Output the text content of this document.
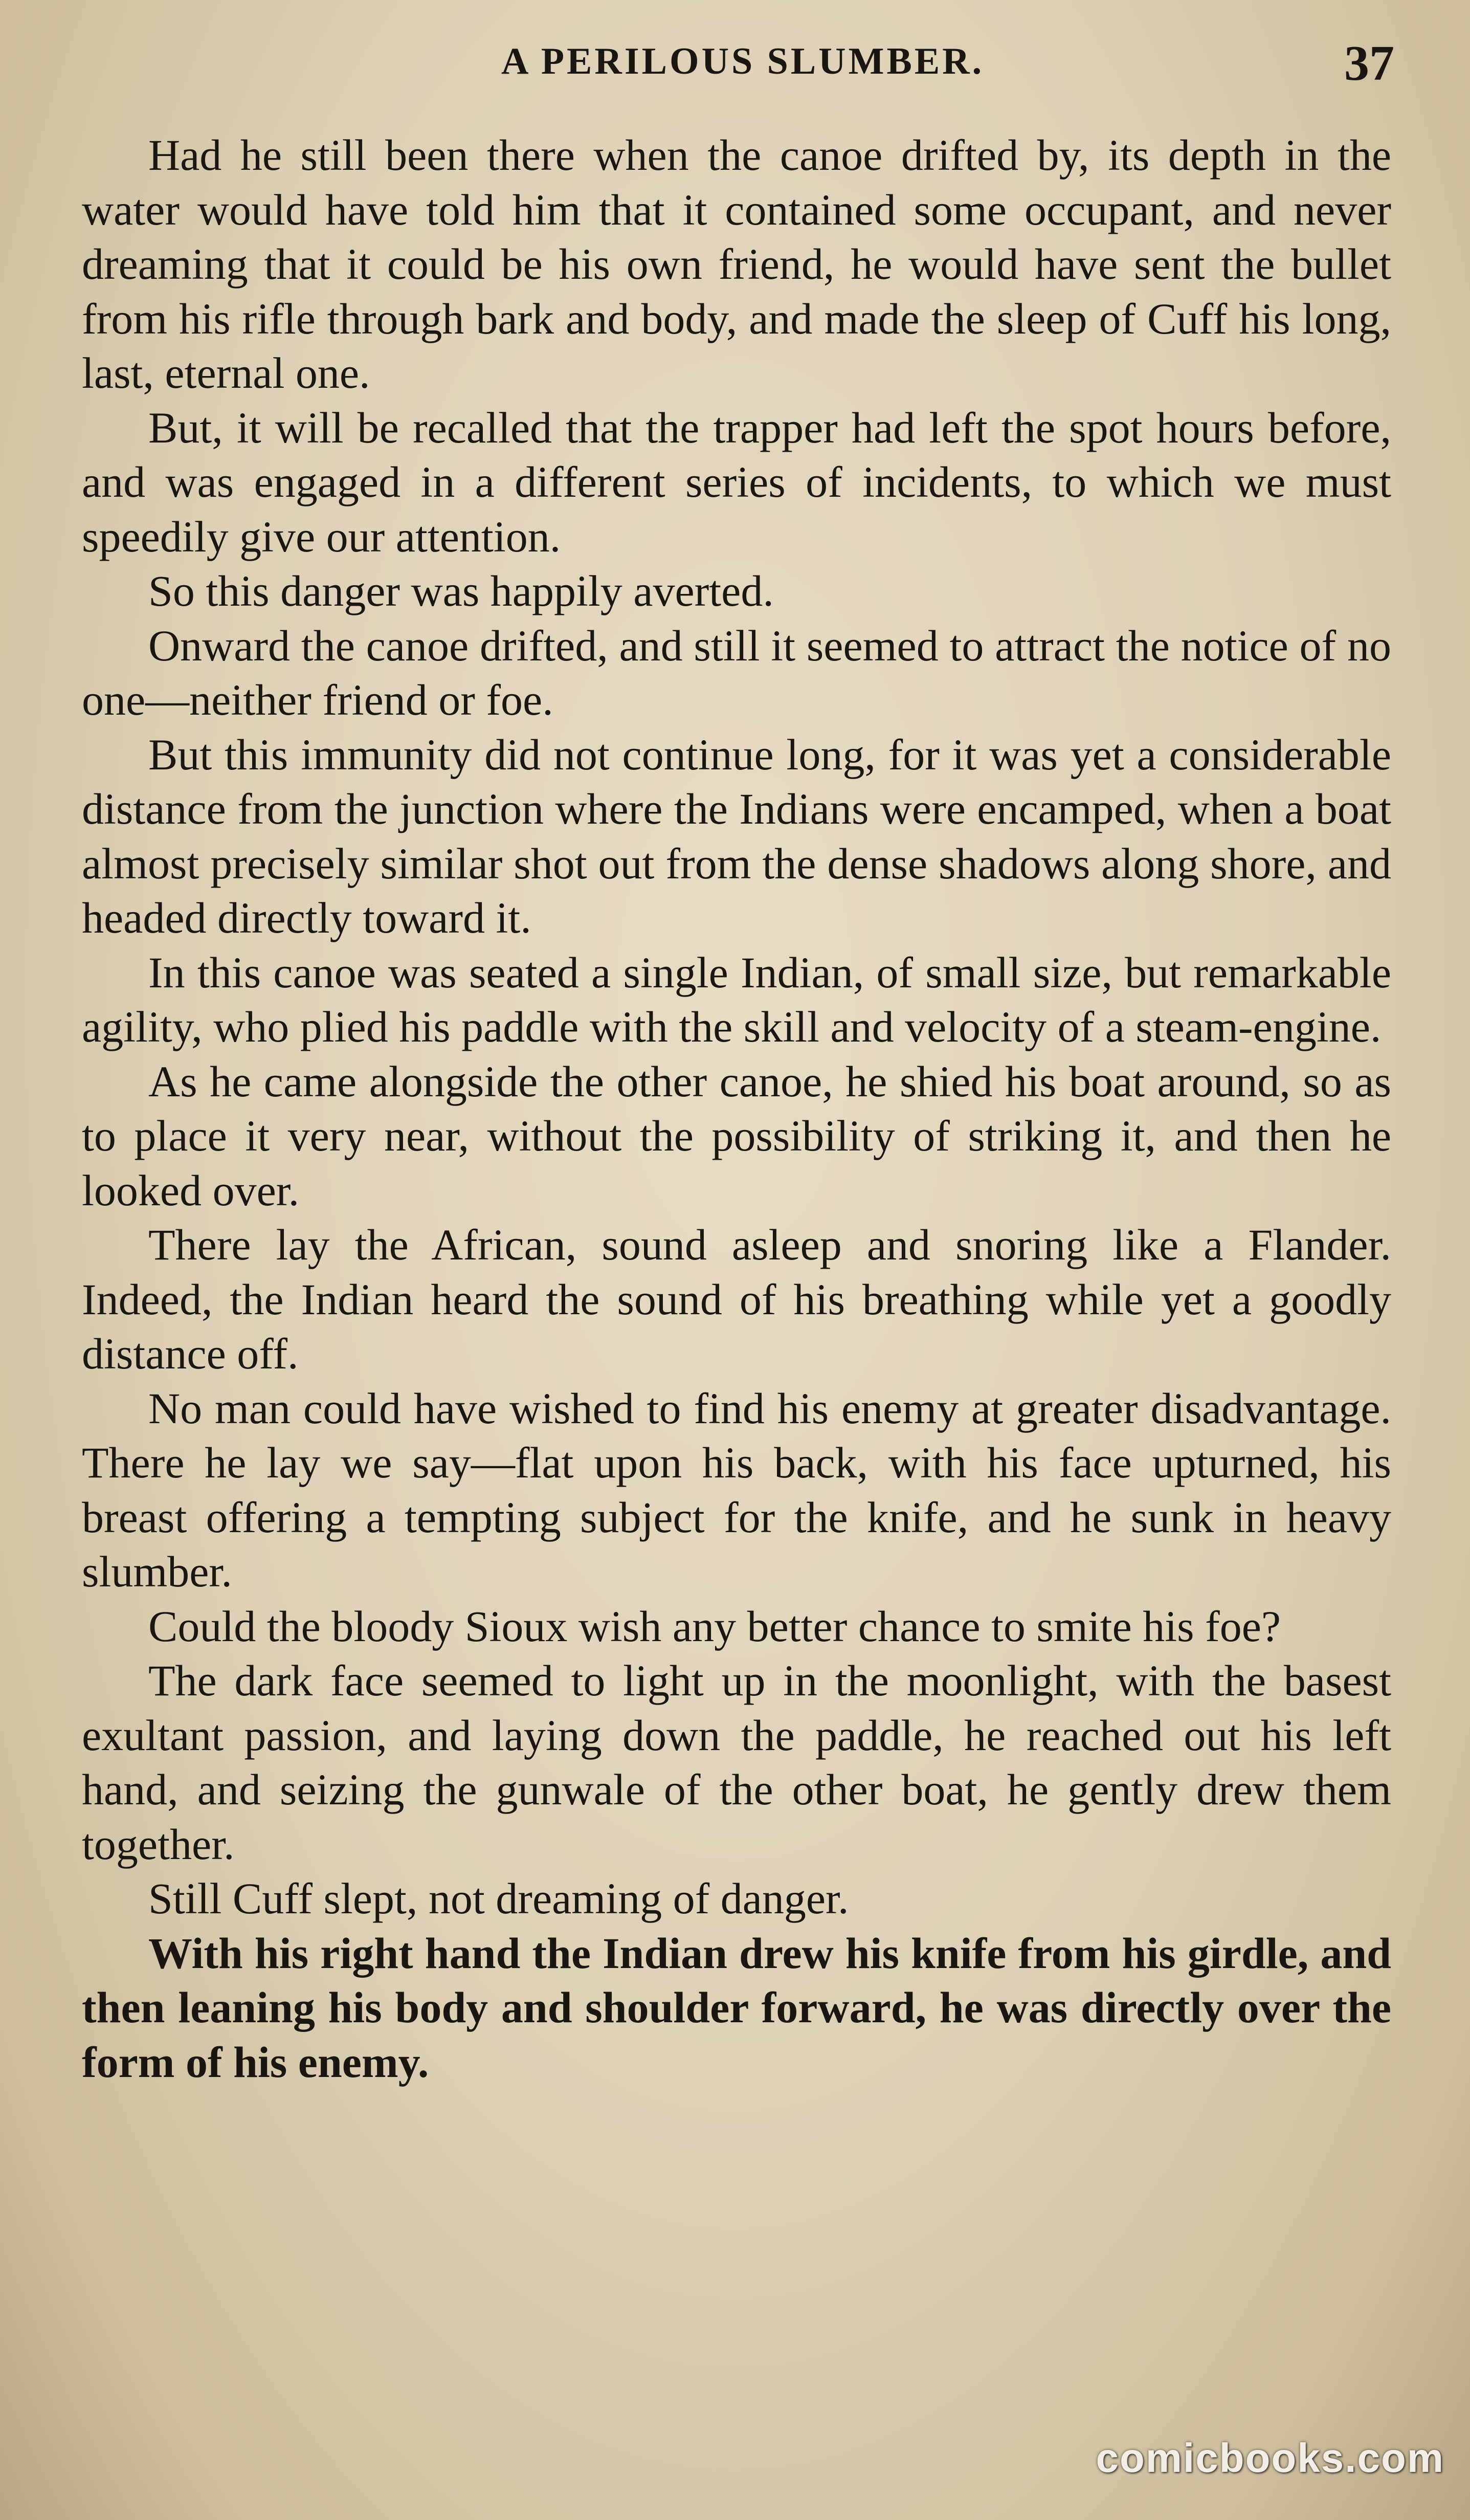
A PERILOUS SLUMBER.	37

Had he still been there when the canoe drifted by, its depth in the water would have told him that it contained some occupant, and never dreaming that it could be his own friend, he would have sent the bullet from his rifle through bark and body, and made the sleep of Cuff his long, last, eternal one.

But, it will be recalled that the trapper had left the spot hours before, and was engaged in a different series of incidents, to which we must speedily give our attention.

So this danger was happily averted.

Onward the canoe drifted, and still it seemed to attract the notice of no one—neither friend or foe.

But this immunity did not continue long, for it was yet a considerable distance from the junction where the Indians were encamped, when a boat almost precisely similar shot out from the dense shadows along shore, and headed directly toward it.

In this canoe was seated a single Indian, of small size, but remarkable agility, who plied his paddle with the skill and velocity of a steam-engine.

As he came alongside the other canoe, he shied his boat around, so as to place it very near, without the possibility of striking it, and then he looked over.

There lay the African, sound asleep and snoring like a Flander. Indeed, the Indian heard the sound of his breathing while yet a goodly distance off.

No man could have wished to find his enemy at greater disadvantage. There he lay we say—flat upon his back, with his face upturned, his breast offering a tempting subject for the knife, and he sunk in heavy slumber.

Could the bloody Sioux wish any better chance to smite his foe?

The dark face seemed to light up in the moonlight, with the basest exultant passion, and laying down the paddle, he reached out his left hand, and seizing the gunwale of the other boat, he gently drew them together.

Still Cuff slept, not dreaming of danger.

With his right hand the Indian drew his knife from his girdle, and then leaning his body and shoulder forward, he was directly over the form of his enemy.

comicbooks.com
